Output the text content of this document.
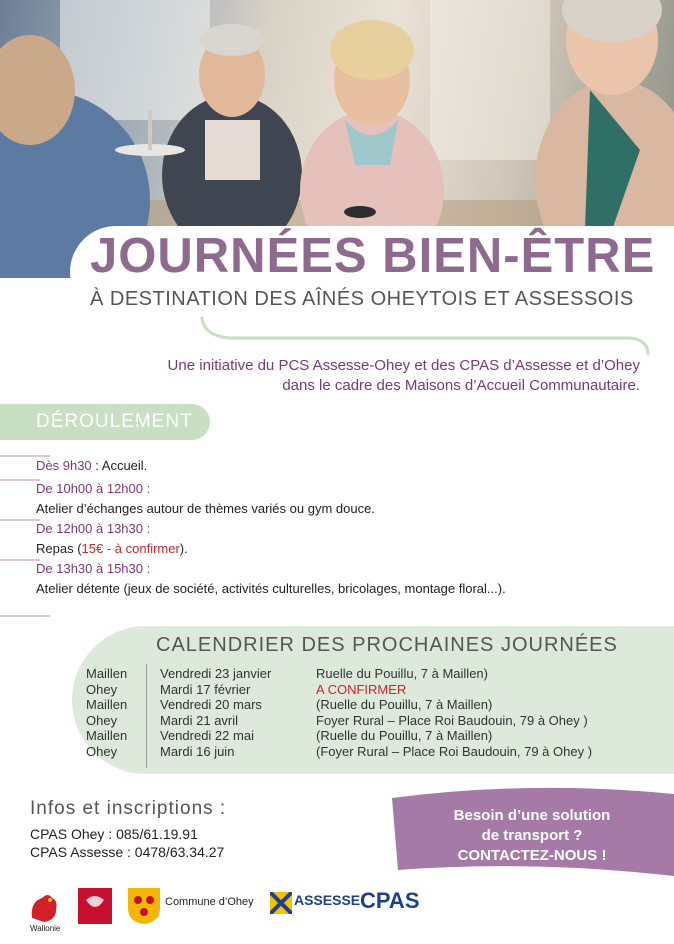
JOURNÉES BIEN-ÊTRE
À DESTINATION DES AÎNÉS OHEYTOIS ET ASSESSOIS
Une initiative du PCS Assesse-Ohey et des CPAS d’Assesse et d’Ohey
dans le cadre des Maisons d’Accueil Communautaire.
DÉROULEMENT
Dès 9h30 : Accueil.
De 10h00 à 12h00 :
Atelier d’échanges autour de thèmes variés ou gym douce.
De 12h00 à 13h30 :
Repas (15€ - à confirmer).
De 13h30 à 15h30 :
Atelier détente (jeux de société, activités culturelles, bricolages, montage floral...).
CALENDRIER DES PROCHAINES JOURNÉES
Maillen	Vendredi 23 janvier	Ruelle du Pouillu, 7 à Maillen)
Ohey	Mardi 17 février	A CONFIRMER
Maillen	Vendredi 20 mars	(Ruelle du Pouillu, 7 à Maillen)
Ohey	Mardi 21 avril	Foyer Rural – Place Roi Baudouin, 79 à Ohey )
Maillen	Vendredi 22 mai	(Ruelle du Pouillu, 7 à Maillen)
Ohey	Mardi 16 juin	(Foyer Rural – Place Roi Baudouin, 79 à Ohey )
Infos et inscriptions :
CPAS Ohey : 085/61.19.91
CPAS Assesse : 0478/63.34.27
Besoin d’une solution
de transport ?
CONTACTEZ-NOUS !
Wallonie
Commune d’Ohey	ASSESSE CPAS
